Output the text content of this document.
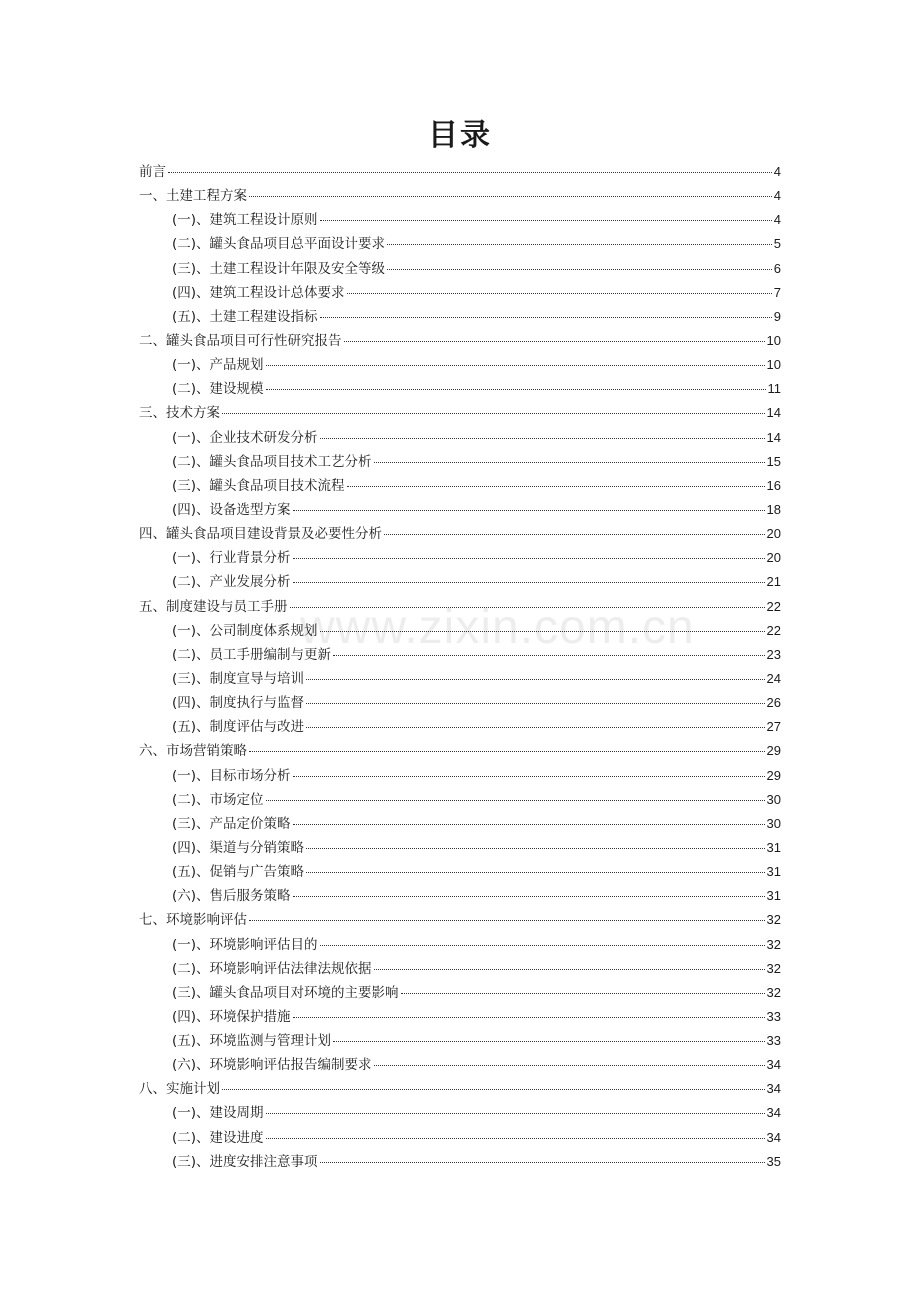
www.zixin.com.cn
目录
前言	4
一、土建工程方案	4
(一)、建筑工程设计原则	4
(二)、罐头食品项目总平面设计要求	5
(三)、土建工程设计年限及安全等级	6
(四)、建筑工程设计总体要求	7
(五)、土建工程建设指标	9
二、罐头食品项目可行性研究报告	10
(一)、产品规划	10
(二)、建设规模	11
三、技术方案	14
(一)、企业技术研发分析	14
(二)、罐头食品项目技术工艺分析	15
(三)、罐头食品项目技术流程	16
(四)、设备选型方案	18
四、罐头食品项目建设背景及必要性分析	20
(一)、行业背景分析	20
(二)、产业发展分析	21
五、制度建设与员工手册	22
(一)、公司制度体系规划	22
(二)、员工手册编制与更新	23
(三)、制度宣导与培训	24
(四)、制度执行与监督	26
(五)、制度评估与改进	27
六、市场营销策略	29
(一)、目标市场分析	29
(二)、市场定位	30
(三)、产品定价策略	30
(四)、渠道与分销策略	31
(五)、促销与广告策略	31
(六)、售后服务策略	31
七、环境影响评估	32
(一)、环境影响评估目的	32
(二)、环境影响评估法律法规依据	32
(三)、罐头食品项目对环境的主要影响	32
(四)、环境保护措施	33
(五)、环境监测与管理计划	33
(六)、环境影响评估报告编制要求	34
八、实施计划	34
(一)、建设周期	34
(二)、建设进度	34
(三)、进度安排注意事项	35
